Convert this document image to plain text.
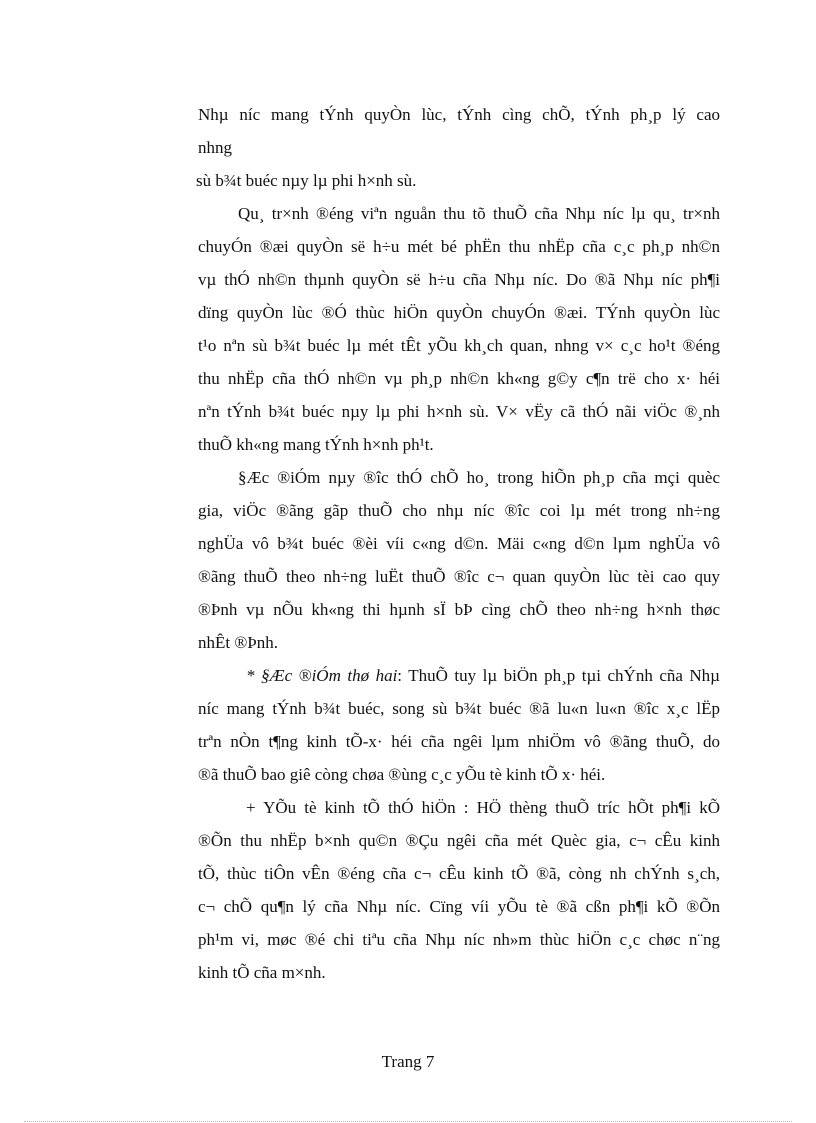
Nhµ níc mang tÝnh quyÒn lùc, tÝnh cìng chÕ, tÝnh ph¸p lý cao
nhng
sù b¾t buéc nµy lµ phi h×nh sù.
Qu¸ tr×nh ®éng viªn nguån thu tõ thuÕ cña Nhµ níc lµ qu¸ tr×nh
chuyÓn ®æi quyÒn së h÷u mét bé phËn thu nhËp cña c¸c ph¸p nh©n
vµ thÓ nh©n thµnh quyÒn së h÷u cña Nhµ níc. Do ®ã Nhµ níc ph¶i
dïng quyÒn lùc ®Ó thùc hiÖn quyÒn chuyÓn ®æi. TÝnh quyÒn lùc
t¹o nªn sù b¾t buéc lµ mét tÊt yÕu kh¸ch quan, nhng v× c¸c ho¹t ®éng
thu nhËp cña thÓ nh©n vµ ph¸p nh©n kh«ng g©y c¶n trë cho x· héi
nªn tÝnh b¾t buéc nµy lµ phi h×nh sù. V× vËy cã thÓ nãi viÖc ®¸nh
thuÕ kh«ng mang tÝnh h×nh ph¹t.
§Æc ®iÓm nµy ®îc thÓ chÕ ho¸ trong hiÕn ph¸p cña mçi quèc
gia, viÖc ®ãng gãp thuÕ cho nhµ níc ®îc coi lµ mét trong nh÷ng
nghÜa vô b¾t buéc ®èi víi c«ng d©n. Mäi c«ng d©n lµm nghÜa vô
®ãng thuÕ theo nh÷ng luËt thuÕ ®îc c¬ quan quyÒn lùc tèi cao quy
®Þnh vµ nÕu kh«ng thi hµnh sÏ bÞ cìng chÕ theo nh÷ng h×nh thøc
nhÊt ®Þnh.
* §Æc ®iÓm thø hai: ThuÕ tuy lµ biÖn ph¸p tµi chÝnh cña Nhµ
níc mang tÝnh b¾t buéc, song sù b¾t buéc ®ã lu«n lu«n ®îc x¸c lËp
trªn nÒn t¶ng kinh tÕ-x· héi cña ngêi lµm nhiÖm vô ®ãng thuÕ, do
®ã thuÕ bao giê còng chøa ®ùng c¸c yÕu tè kinh tÕ x· héi.
+ YÕu tè kinh tÕ thÓ hiÖn : HÖ thèng thuÕ tríc hÕt ph¶i kÕ
®Õn thu nhËp b×nh qu©n ®Çu ngêi cña mét Quèc gia, c¬ cÊu kinh
tÕ, thùc tiÔn vÊn ®éng cña c¬ cÊu kinh tÕ ®ã, còng nh chÝnh s¸ch,
c¬ chÕ qu¶n lý cña Nhµ níc. Cïng víi yÕu tè ®ã cßn ph¶i kÕ ®Õn
ph¹m vi, møc ®é chi tiªu cña Nhµ níc nh»m thùc hiÖn c¸c chøc n¨ng
kinh tÕ cña m×nh.
Trang 7
